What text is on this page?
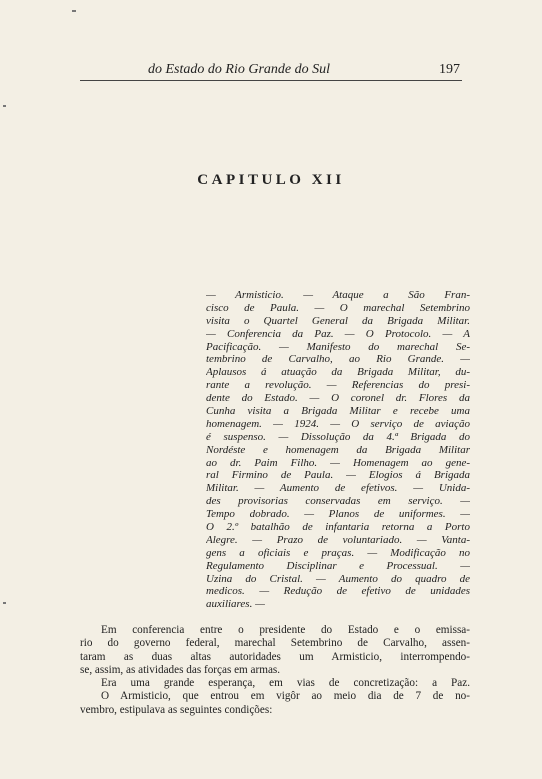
do Estado do Rio Grande do Sul	197
CAPITULO XII
— Armisticio. — Ataque a São Fran-
cisco de Paula. — O marechal Setembrino
visita o Quartel General da Brigada Militar.
— Conferencia da Paz. — O Protocolo. — A
Pacificação. — Manifesto do marechal Se-
tembrino de Carvalho, ao Rio Grande. —
Aplausos á atuação da Brigada Militar, du-
rante a revolução. — Referencias do presi-
dente do Estado. — O coronel dr. Flores da
Cunha visita a Brigada Militar e recebe uma
homenagem. — 1924. — O serviço de aviação
é suspenso. — Dissolução da 4.ª Brigada do
Nordéste e homenagem da Brigada Militar
ao dr. Paim Filho. — Homenagem ao gene-
ral Firmino de Paula. — Elogios á Brigada
Militar. — Aumento de efetivos. — Unida-
des provisorias conservadas em serviço. —
Tempo dobrado. — Planos de uniformes. —
O 2.º batalhão de infantaria retorna a Porto
Alegre. — Prazo de voluntariado. — Vanta-
gens a oficiais e praças. — Modificação no
Regulamento Disciplinar e Processual. —
Uzina do Cristal. — Aumento do quadro de
medicos. — Redução de efetivo de unidades
auxiliares. —
Em conferencia entre o presidente do Estado e o emissa-
rio do governo federal, marechal Setembrino de Carvalho, assen-
taram as duas altas autoridades um Armisticio, interrompendo-
se, assim, as atividades das forças em armas.
Era uma grande esperança, em vias de concretização: a Paz.
O Armisticio, que entrou em vigôr ao meio dia de 7 de no-
vembro, estipulava as seguintes condições:
